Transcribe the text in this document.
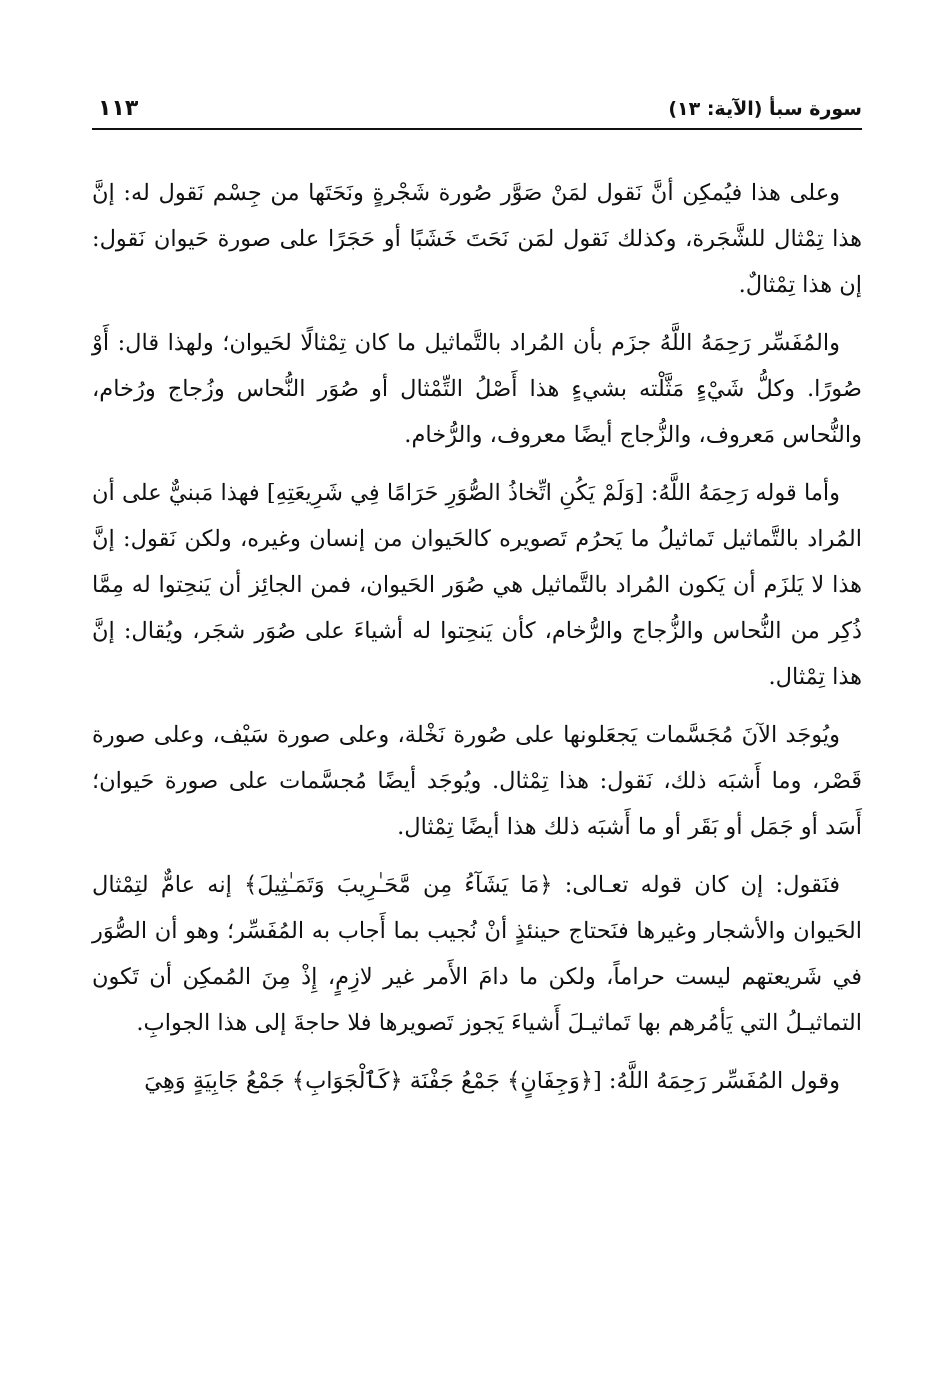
سورة سبأ (الآية: ١٣)
١١٣

وعلى هذا فيُمكِن أنَّ نَقول لمَنْ صَوَّر صُورة شَجْرةٍ ونَحَتَها من جِسْم نَقول له: إنَّ هذا تِمْثال للشَّجَرة، وكذلك نَقول لمَن نَحَتَ خَشَبًا أو حَجَرًا على صورة حَيوان نَقول: إن هذا تِمْثالٌ.

والمُفَسِّر رَحِمَهُ اللَّهُ جزَم بأن المُراد بالتَّماثيل ما كان تِمْثالًا لحَيوان؛ ولهذا قال: أَوْ صُورًا. وكلُّ شَيْءٍ مَثَّلْته بشيءٍ هذا أَصْلُ التِّمْثال أو صُوَر النُّحاس وزُجاج ورُخام، والنُّحاس مَعروف، والزُّجاج أيضًا معروف، والرُّخام.

وأما قوله رَحِمَهُ اللَّهُ: [وَلَمْ يَكُنِ اتِّخاذُ الصُّوَرِ حَرَامًا فِي شَرِيعَتِهِ] فهذا مَبنيٌّ على أن المُراد بالتَّماثيل تَماثيلُ ما يَحرُم تَصويره كالحَيوان من إنسان وغيره، ولكن نَقول: إنَّ هذا لا يَلزَم أن يَكون المُراد بالتَّماثيل هي صُوَر الحَيوان، فمن الجائِز أن يَنحِتوا له مِمَّا ذُكِر من النُّحاس والزُّجاج والرُّخام، كأن يَنحِتوا له أشياءَ على صُوَر شجَر، ويُقال: إنَّ هذا تِمْثال.

ويُوجَد الآنَ مُجَسَّمات يَجعَلونها على صُورة نَخْلة، وعلى صورة سَيْف، وعلى صورة قَصْر، وما أَشبَه ذلك، نَقول: هذا تِمْثال. ويُوجَد أيضًا مُجسَّمات على صورة حَيوان؛ أَسَد أو جَمَل أو بَقَر أو ما أَشبَه ذلك هذا أيضًا تِمْثال.

فنَقول: إن كان قوله تعـالى: ﴿مَا يَشَآءُ مِن مَّحَـٰرِيبَ وَتَمَـٰثِيلَ﴾ إنه عامٌّ لتِمْثال الحَيوان والأشجار وغيرها فنَحتاج حينئذٍ أنْ نُجيب بما أَجاب به المُفَسِّر؛ وهو أن الصُّوَر في شَريعتهم ليست حراماً، ولكن ما دامَ الأَمر غير لازِمٍ، إِذْ مِنَ المُمكِن أن تَكون التماثيـلُ التي يَأمُرهم بها تَماثيـلَ أَشياءَ يَجوز تَصويرها فلا حاجةَ إلى هذا الجوابِ.

وقول المُفَسِّر رَحِمَهُ اللَّهُ: [﴿وَجِفَانٍ﴾ جَمْعُ جَفْنَة ﴿كَٱلْجَوَابِ﴾ جَمْعُ جَابِيَةٍ وَهِيَ
